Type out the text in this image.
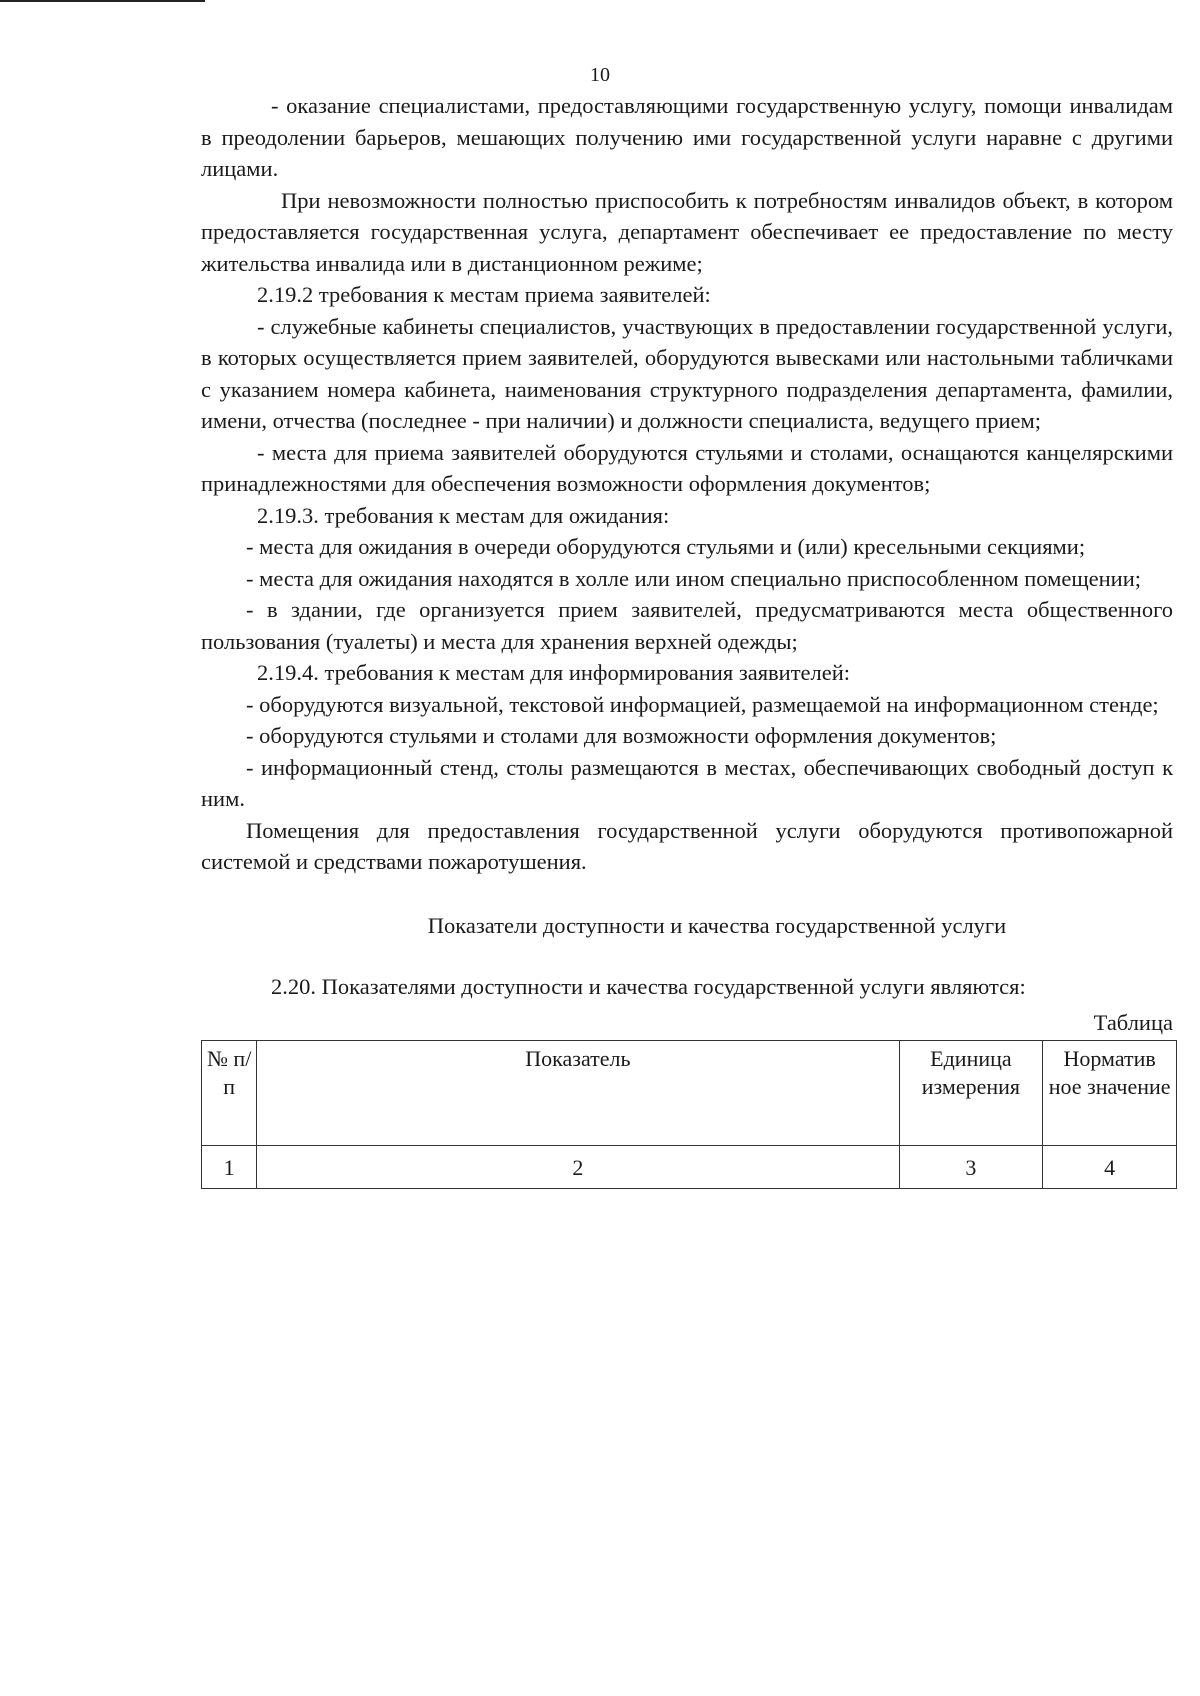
10

- оказание специалистами, предоставляющими государственную услугу, помощи инвалидам в преодолении барьеров, мешающих получению ими государственной услуги наравне с другими лицами.

При невозможности полностью приспособить к потребностям инвалидов объект, в котором предоставляется государственная услуга, департамент обеспечивает ее предоставление по месту жительства инвалида или в дистанционном режиме;

2.19.2 требования к местам приема заявителей:

- служебные кабинеты специалистов, участвующих в предоставлении государственной услуги, в которых осуществляется прием заявителей, оборудуются вывесками или настольными табличками с указанием номера кабинета, наименования структурного подразделения департамента, фамилии, имени, отчества (последнее - при наличии) и должности специалиста, ведущего прием;

- места для приема заявителей оборудуются стульями и столами, оснащаются канцелярскими принадлежностями для обеспечения возможности оформления документов;

2.19.3. требования к местам для ожидания:

- места для ожидания в очереди оборудуются стульями и (или) кресельными секциями;

- места для ожидания находятся в холле или ином специально приспособленном помещении;

- в здании, где организуется прием заявителей, предусматриваются места общественного пользования (туалеты) и места для хранения верхней одежды;

2.19.4. требования к местам для информирования заявителей:

- оборудуются визуальной, текстовой информацией, размещаемой на информационном стенде;

- оборудуются стульями и столами для возможности оформления документов;

- информационный стенд, столы размещаются в местах, обеспечивающих свободный доступ к ним.

Помещения для предоставления государственной услуги оборудуются противопожарной системой и средствами пожаротушения.

Показатели доступности и качества государственной услуги

2.20. Показателями доступности и качества государственной услуги являются:

Таблица

№ п/п	Показатель	Единица измерения	Норматив ное значение
1	2	3	4
